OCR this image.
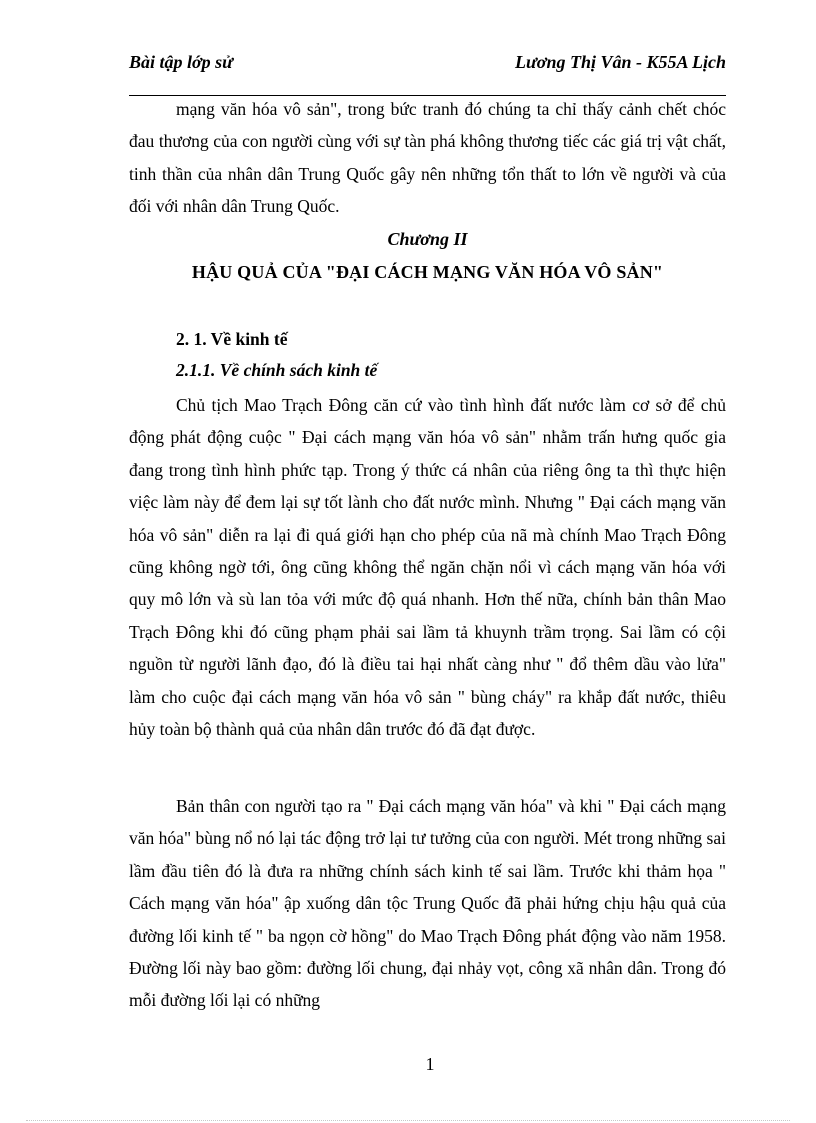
Bài tập lớp sử	Lương Thị Vân - K55A Lịch
mạng văn hóa vô sản", trong bức tranh đó chúng ta chỉ thấy cảnh chết chóc đau thương của con người cùng với sự tàn phá không thương tiếc các giá trị vật chất, tinh thần của nhân dân Trung Quốc gây nên những tổn thất to lớn về người và của đối với nhân dân Trung Quốc.
Chương II
HẬU QUẢ CỦA "ĐẠI CÁCH MẠNG VĂN HÓA VÔ SẢN"
2. 1. Về kinh tế
2.1.1. Về chính sách kinh tế
Chủ tịch Mao Trạch Đông căn cứ vào tình hình đất nước làm cơ sở để chủ động phát động cuộc " Đại cách mạng văn hóa vô sản" nhằm trấn hưng quốc gia đang trong tình hình phức tạp. Trong ý thức cá nhân của riêng ông ta thì thực hiện việc làm này để đem lại sự tốt lành cho đất nước mình. Nhưng " Đại cách mạng văn hóa vô sản" diễn ra lại đi quá giới hạn cho phép của nã mà chính Mao Trạch Đông cũng không ngờ tới, ông cũng không thể ngăn chặn nổi vì cách mạng văn hóa với quy mô lớn và sù lan tỏa với mức độ quá nhanh. Hơn thế nữa, chính bản thân Mao Trạch Đông khi đó cũng phạm phải sai lầm tả khuynh trầm trọng. Sai lầm có cội nguồn từ người lãnh đạo, đó là điều tai hại nhất càng như " đổ thêm dầu vào lửa" làm cho cuộc đại cách mạng văn hóa vô sản " bùng cháy" ra khắp đất nước, thiêu hủy toàn bộ thành quả của nhân dân trước đó đã đạt được.
Bản thân con người tạo ra " Đại cách mạng văn hóa" và khi " Đại cách mạng văn hóa" bùng nổ nó lại tác động trở lại tư tưởng của con người. Mét trong những sai lầm đầu tiên đó là đưa ra những chính sách kinh tế sai lầm. Trước khi thảm họa " Cách mạng văn hóa" ập xuống dân tộc Trung Quốc đã phải hứng chịu hậu quả của đường lối kinh tế " ba ngọn cờ hồng" do Mao Trạch Đông phát động vào năm 1958. Đường lối này bao gồm: đường lối chung, đại nhảy vọt, công xã nhân dân. Trong đó mỗi đường lối lại có những
1
